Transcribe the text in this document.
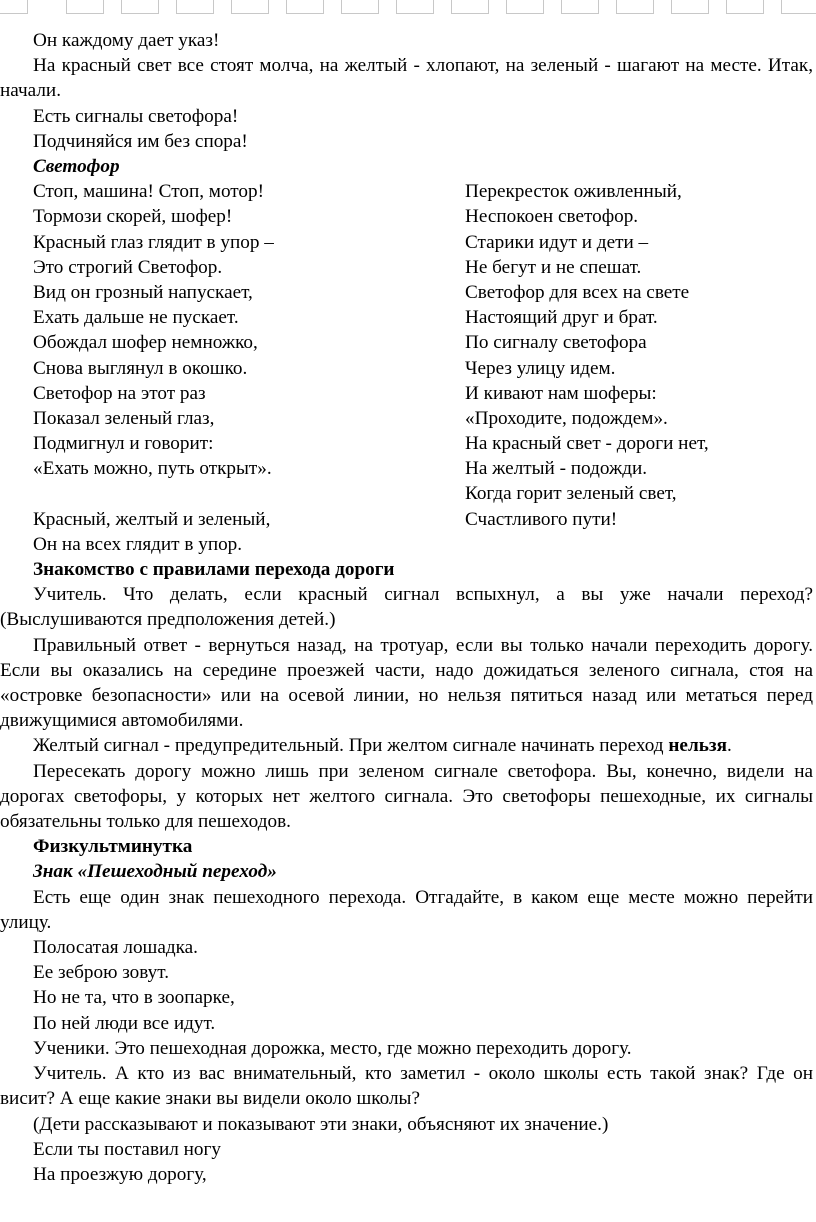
Он каждому дает указ!

На красный свет все стоят молча, на желтый - хлопают, на зеленый - шагают на месте. Итак, начали.

Есть сигналы светофора!

Подчиняйся им без спора!

Светофор

Стоп, машина! Стоп, мотор!
Тормози скорей, шофер!
Красный глаз глядит в упор –
Это строгий Светофор.
Вид он грозный напускает,
Ехать дальше не пускает.
Обождал шофер немножко,
Снова выглянул в окошко.
Светофор на этот раз
Показал зеленый глаз,
Подмигнул и говорит:
«Ехать можно, путь открыт».
Красный, желтый и зеленый,
Он на всех глядит в упор.
Перекресток оживленный,
Неспокоен светофор.
Старики идут и дети –
Не бегут и не спешат.
Светофор для всех на свете
Настоящий друг и брат.
По сигналу светофора
Через улицу идем.
И кивают нам шоферы:
«Проходите, подождем».
На красный свет - дороги нет,
На желтый - подожди.
Когда горит зеленый свет,
Счастливого пути!

Знакомство с правилами перехода дороги

Учитель. Что делать, если красный сигнал вспыхнул, а вы уже начали переход? (Выслушиваются предположения детей.)

Правильный ответ - вернуться назад, на тротуар, если вы только начали переходить дорогу. Если вы оказались на середине проезжей части, надо дожидаться зеленого сигнала, стоя на «островке безопасности» или на осевой линии, но нельзя пятиться назад или метаться перед движущимися автомобилями.

Желтый сигнал - предупредительный. При желтом сигнале начинать переход нельзя.

Пересекать дорогу можно лишь при зеленом сигнале светофора. Вы, конечно, видели на дорогах светофоры, у которых нет желтого сигнала. Это светофоры пешеходные, их сигналы обязательны только для пешеходов.

Физкультминутка

Знак «Пешеходный переход»

Есть еще один знак пешеходного перехода. Отгадайте, в каком еще месте можно перейти улицу.

Полосатая лошадка.

Ее зеброю зовут.

Но не та, что в зоопарке,

По ней люди все идут.

Ученики. Это пешеходная дорожка, место, где можно переходить дорогу.

Учитель. А кто из вас внимательный, кто заметил - около школы есть такой знак? Где он висит? А еще какие знаки вы видели около школы?

(Дети рассказывают и показывают эти знаки, объясняют их значение.)

Если ты поставил ногу

На проезжую дорогу,
